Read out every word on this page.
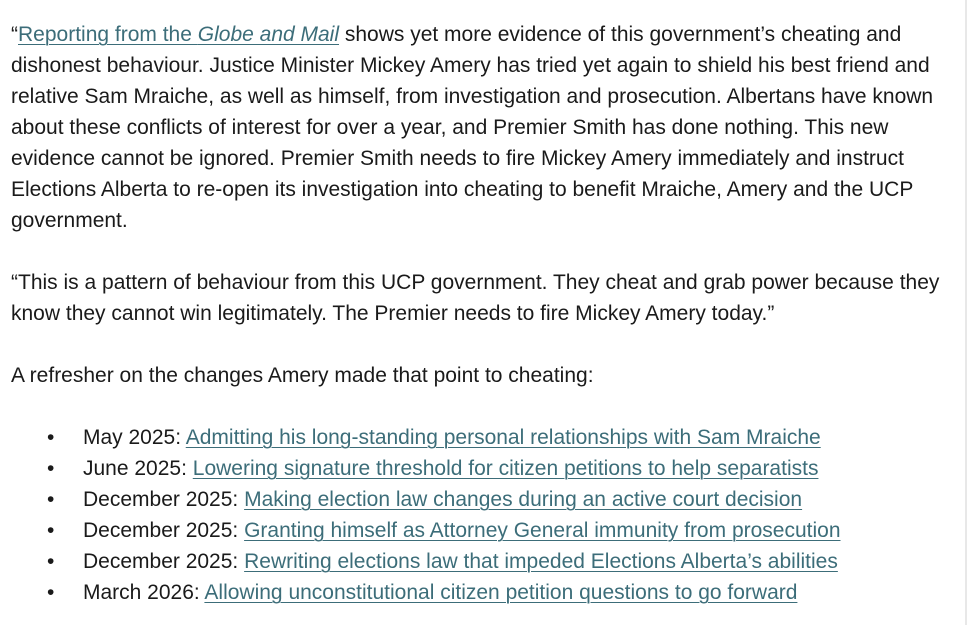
“Reporting from the Globe and Mail shows yet more evidence of this government’s cheating and dishonest behaviour. Justice Minister Mickey Amery has tried yet again to shield his best friend and relative Sam Mraiche, as well as himself, from investigation and prosecution. Albertans have known about these conflicts of interest for over a year, and Premier Smith has done nothing. This new evidence cannot be ignored. Premier Smith needs to fire Mickey Amery immediately and instruct Elections Alberta to re-open its investigation into cheating to benefit Mraiche, Amery and the UCP government.

“This is a pattern of behaviour from this UCP government. They cheat and grab power because they know they cannot win legitimately. The Premier needs to fire Mickey Amery today.”

A refresher on the changes Amery made that point to cheating:

• May 2025: Admitting his long-standing personal relationships with Sam Mraiche
• June 2025: Lowering signature threshold for citizen petitions to help separatists
• December 2025: Making election law changes during an active court decision
• December 2025: Granting himself as Attorney General immunity from prosecution
• December 2025: Rewriting elections law that impeded Elections Alberta’s abilities
• March 2026: Allowing unconstitutional citizen petition questions to go forward
